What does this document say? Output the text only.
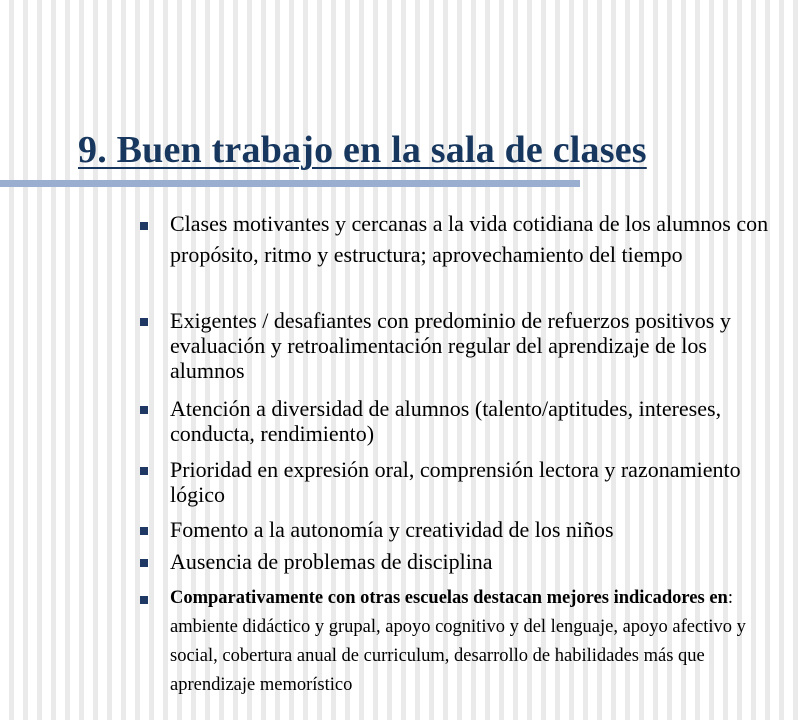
9. Buen trabajo en la sala de clases
Clases motivantes y cercanas a la vida cotidiana de los alumnos con propósito, ritmo y estructura; aprovechamiento del tiempo
Exigentes / desafiantes con predominio de refuerzos positivos y evaluación y retroalimentación regular del aprendizaje de los alumnos
Atención a diversidad de alumnos (talento/aptitudes, intereses, conducta, rendimiento)
Prioridad en expresión oral, comprensión lectora y razonamiento lógico
Fomento a la autonomía y creatividad de los niños
Ausencia de problemas de disciplina
Comparativamente con otras escuelas destacan mejores indicadores en: ambiente didáctico y grupal, apoyo cognitivo y del lenguaje, apoyo afectivo y social, cobertura anual de curriculum, desarrollo de habilidades más que aprendizaje memorístico
